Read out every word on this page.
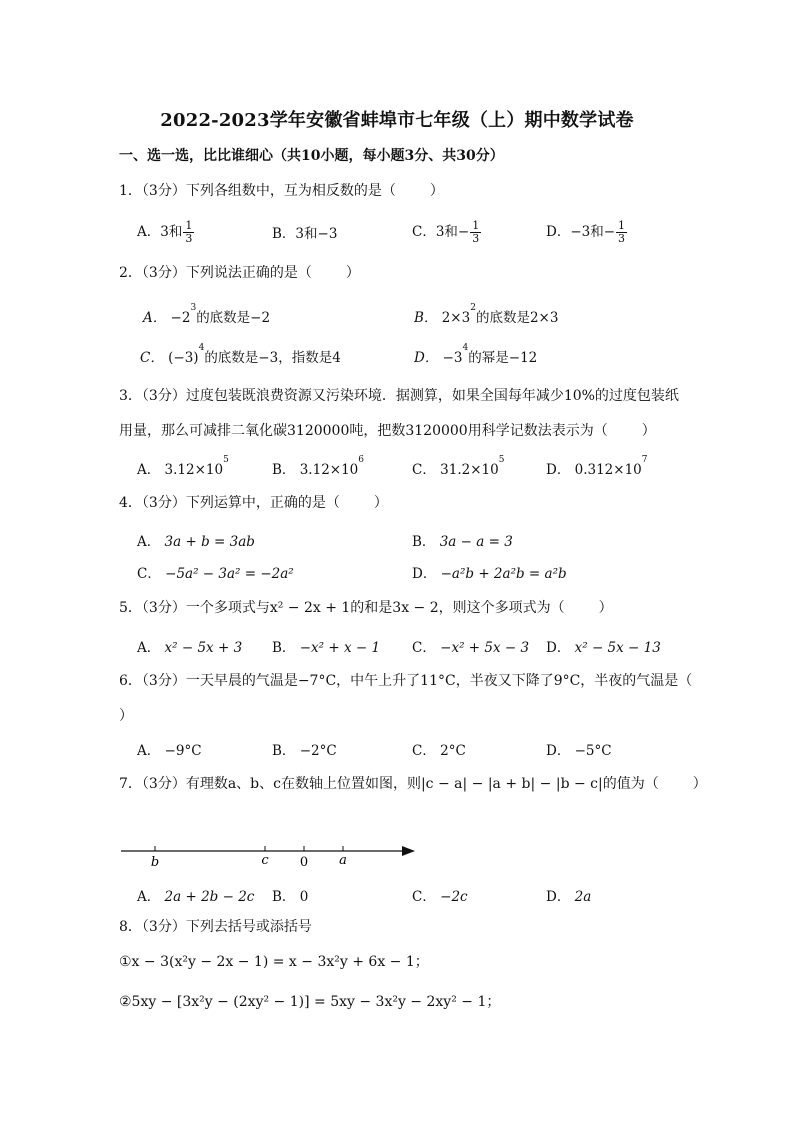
2022-2023学年安徽省蚌埠市七年级（上）期中数学试卷
一、选一选，比比谁细心（共10小题，每小题3分、共30分）
1．（3分）下列各组数中，互为相反数的是（ ）
A．3和 $\frac{1}{3}$	B．3和−3	C．3和− $\frac{1}{3}$	D．−3和− $\frac{1}{3}$
2．（3分）下列说法正确的是（ ）
A． $-2^3$的底数是−2	B． $2\times 3^2$的底数是2×3
C． $(-3)^4$的底数是−3，指数是4	D． $-3^4$的幂是−12
3．（3分）过度包装既浪费资源又污染环境．据测算，如果全国每年减少10%的过度包装纸
用量，那么可减排二氧化碳3120000吨，把数3120000用科学记数法表示为（ ）
A． $3.12\times 10^5$
B． $3.12\times 10^6$
C． $31.2\times 10^5$
D． $0.312\times 10^7$
4．（3分）下列运算中，正确的是（ ）
A． 3a + b = 3ab	B． 3a − a = 3
C． −5a² − 3a² = −2a²	D． −a²b + 2a²b = a²b
5．（3分）一个多项式与x² − 2x + 1的和是3x − 2，则这个多项式为（ ）
A． x² − 5x + 3 B． −x² + x − 1 C． −x² + 5x − 3 D． x² − 5x − 13
6．（3分）一天早晨的气温是−7°C，中午上升了11°C，半夜又下降了9°C，半夜的气温是（
）
A． −9°C	B． −2°C	C． 2°C	D． −5°C
7．（3分）有理数a、b、c在数轴上位置如图，则|c − a| − |a + b| − |b − c|的值为（ ）
b	c 0 a
A． 2a + 2b − 2c B． 0	C． −2c	D． 2a
8．（3分）下列去括号或添括号
①x − 3(x²y − 2x − 1) = x − 3x²y + 6x − 1；
②5xy − [3x²y − (2xy² − 1)] = 5xy − 3x²y − 2xy² − 1；
